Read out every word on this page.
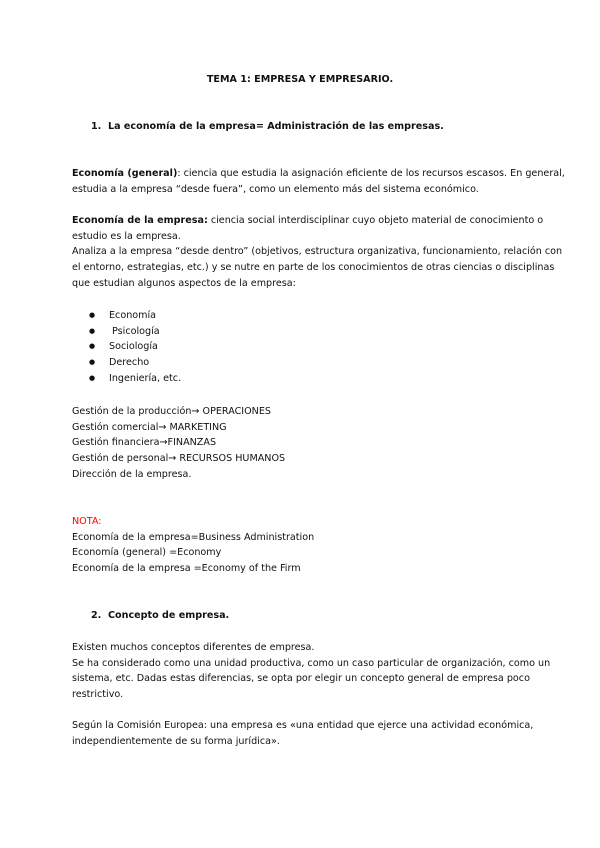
TEMA 1: EMPRESA Y EMPRESARIO.
1. La economía de la empresa= Administración de las empresas.
Economía (general): ciencia que estudia la asignación eficiente de los recursos escasos. En general,
estudia a la empresa “desde fuera”, como un elemento más del sistema económico.
Economía de la empresa: ciencia social interdisciplinar cuyo objeto material de conocimiento o
estudio es la empresa.
Analiza a la empresa “desde dentro” (objetivos, estructura organizativa, funcionamiento, relación con
el entorno, estrategias, etc.) y se nutre en parte de los conocimientos de otras ciencias o disciplinas
que estudian algunos aspectos de la empresa:
● Economía
●  Psicología
● Sociología
● Derecho
● Ingeniería, etc.
Gestión de la producción→ OPERACIONES
Gestión comercial→ MARKETING
Gestión financiera→FINANZAS
Gestión de personal→ RECURSOS HUMANOS
Dirección de la empresa.
NOTA:
Economía de la empresa=Business Administration
Economía (general) =Economy
Economía de la empresa =Economy of the Firm
2. Concepto de empresa.
Existen muchos conceptos diferentes de empresa.
Se ha considerado como una unidad productiva, como un caso particular de organización, como un
sistema, etc. Dadas estas diferencias, se opta por elegir un concepto general de empresa poco
restrictivo.
Según la Comisión Europea: una empresa es «una entidad que ejerce una actividad económica,
independientemente de su forma jurídica».
